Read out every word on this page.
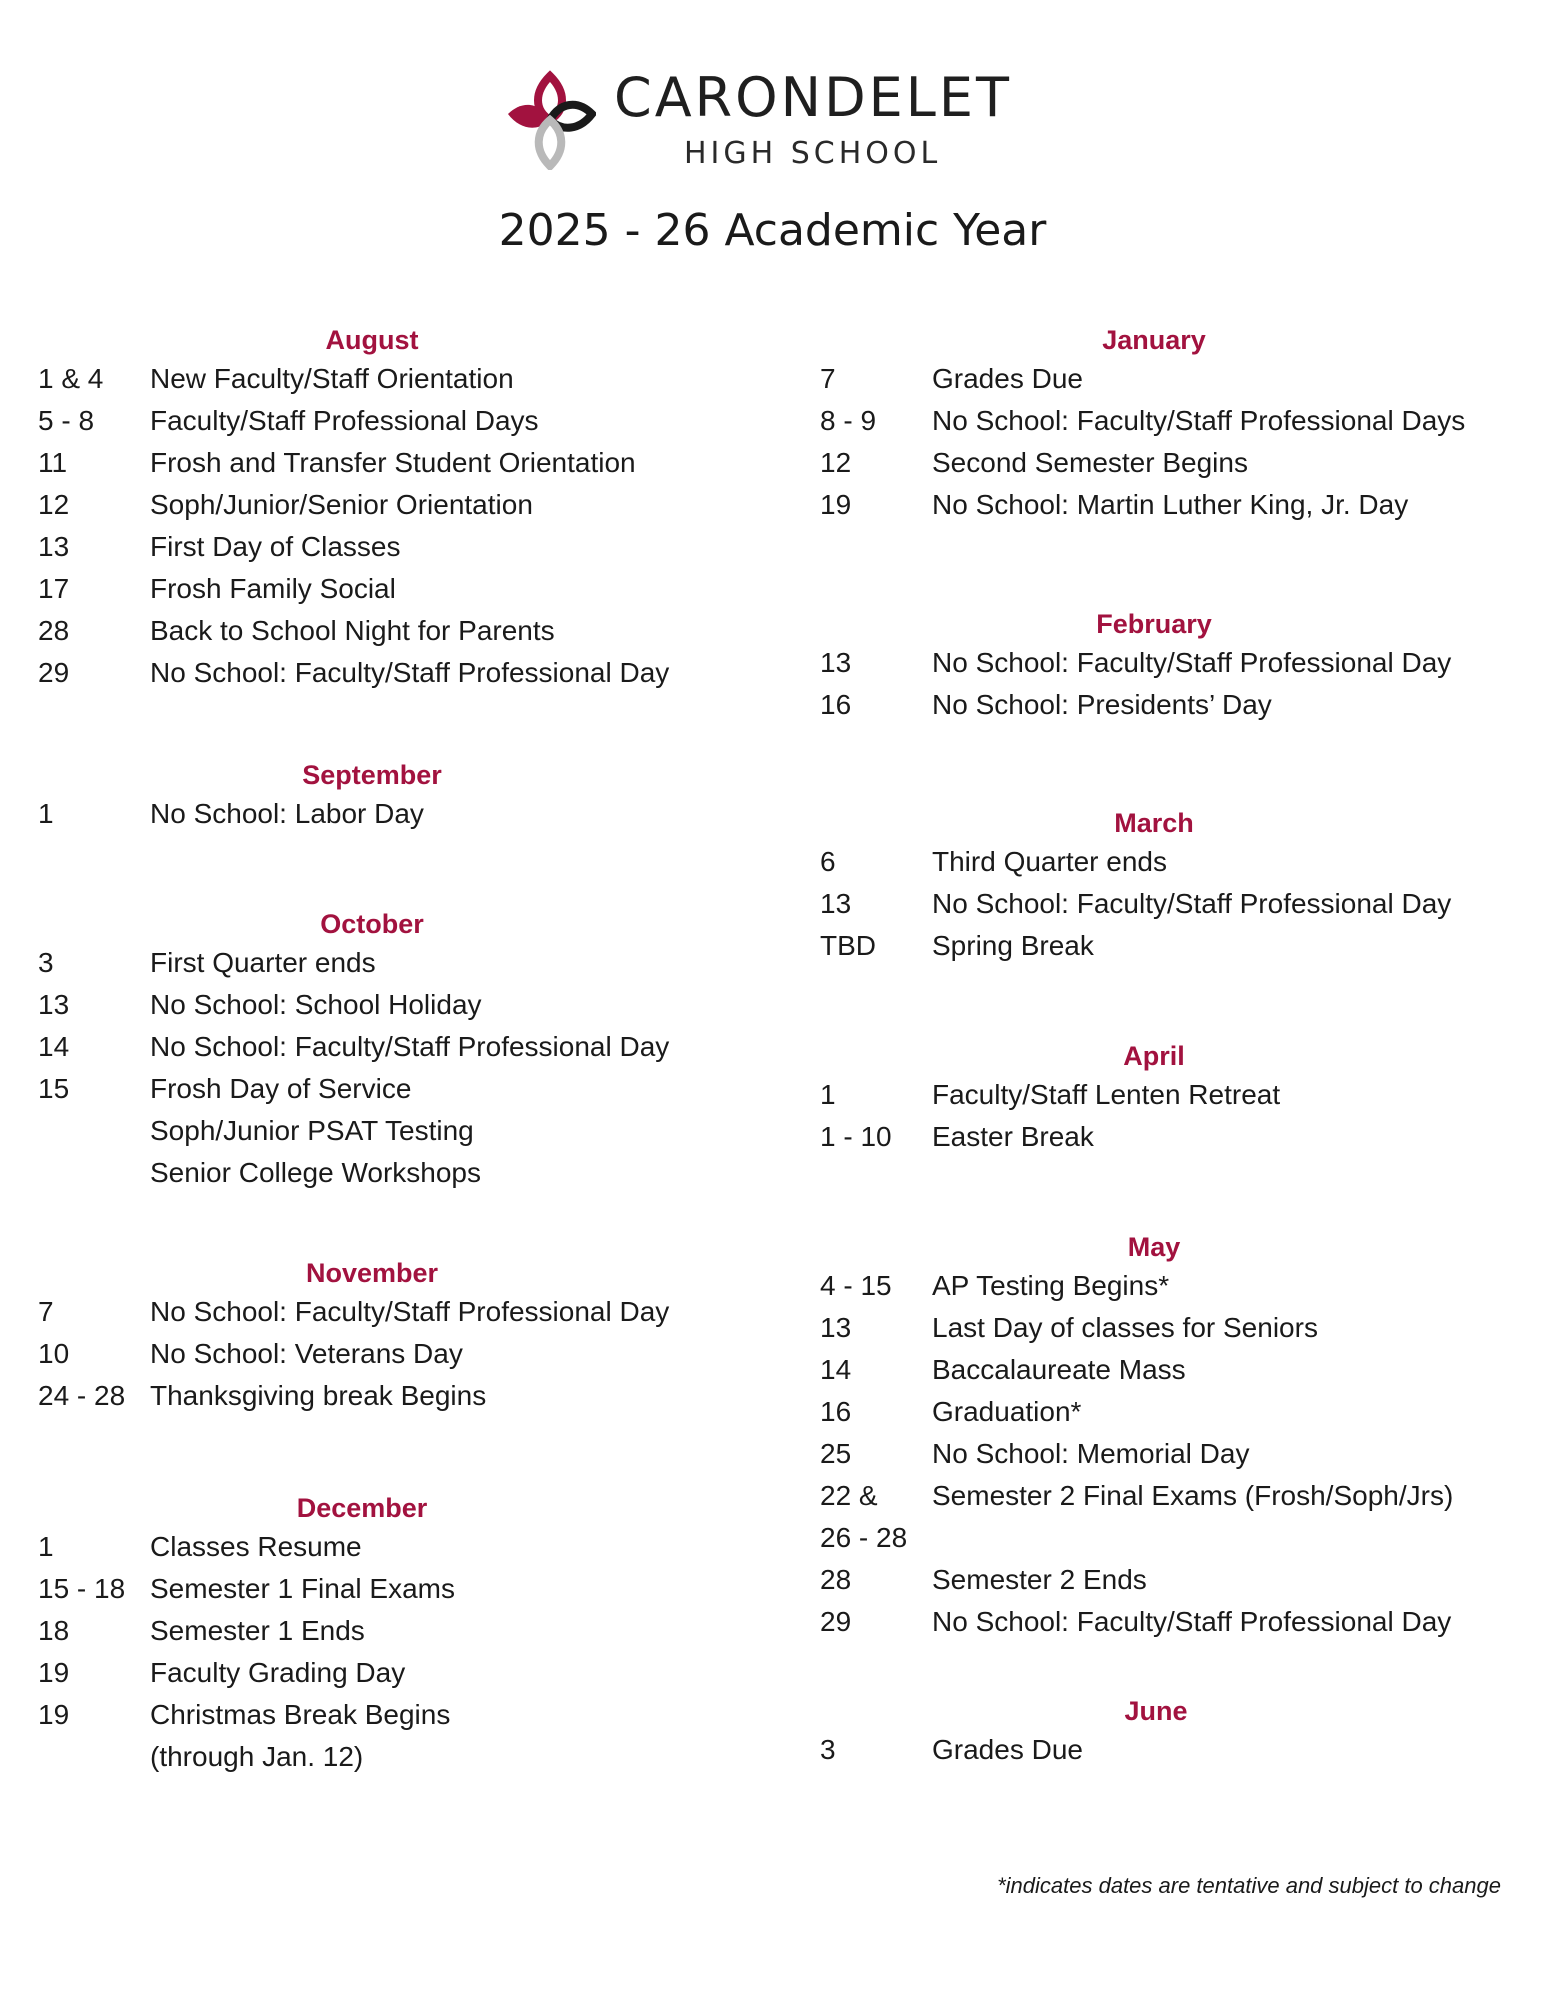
CARONDELET
HIGH SCHOOL
2025 - 26 Academic Year
August
1 & 4	New Faculty/Staff Orientation
5 - 8	Faculty/Staff Professional Days
11	Frosh and Transfer Student Orientation
12	Soph/Junior/Senior Orientation
13	First Day of Classes
17	Frosh Family Social
28	Back to School Night for Parents
29	No School: Faculty/Staff Professional Day
September
1	No School: Labor Day
October
3	First Quarter ends
13	No School: School Holiday
14	No School: Faculty/Staff Professional Day
15	Frosh Day of Service
Soph/Junior PSAT Testing
Senior College Workshops
November
7	No School: Faculty/Staff Professional Day
10	No School: Veterans Day
24 - 28 Thanksgiving break Begins
December
1	Classes Resume
15 - 18 Semester 1 Final Exams
18	Semester 1 Ends
19	Faculty Grading Day
19	Christmas Break Begins
(through Jan. 12)
January
7	Grades Due
8 - 9	No School: Faculty/Staff Professional Days
12	Second Semester Begins
19	No School: Martin Luther King, Jr. Day
February
13	No School: Faculty/Staff Professional Day
16	No School: Presidents’ Day
March
6	Third Quarter ends
13	No School: Faculty/Staff Professional Day
TBD	Spring Break
April
1	Faculty/Staff Lenten Retreat
1 - 10	Easter Break
May
4 - 15	AP Testing Begins*
13	Last Day of classes for Seniors
14	Baccalaureate Mass
16	Graduation*
25	No School: Memorial Day
22 &	Semester 2 Final Exams (Frosh/Soph/Jrs)
26 - 28
28	Semester 2 Ends
29	No School: Faculty/Staff Professional Day
June
3	Grades Due
*indicates dates are tentative and subject to change
